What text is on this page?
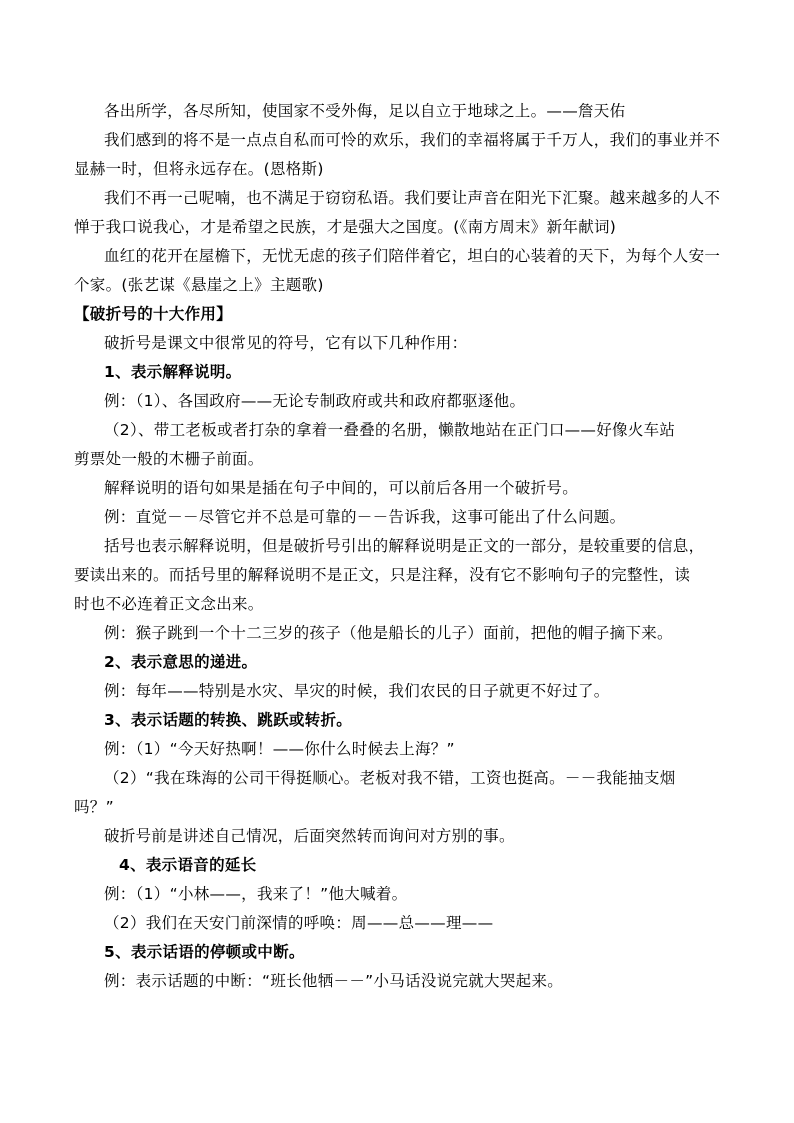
各出所学，各尽所知，使国家不受外侮，足以自立于地球之上。——詹天佑
我们感到的将不是一点点自私而可怜的欢乐，我们的幸福将属于千万人，我们的事业并不
显赫一时，但将永远存在。(恩格斯)
我们不再一己呢喃，也不满足于窃窃私语。我们要让声音在阳光下汇聚。越来越多的人不
惮于我口说我心，才是希望之民族，才是强大之国度。(《南方周末》新年献词)
血红的花开在屋檐下，无忧无虑的孩子们陪伴着它，坦白的心装着的天下，为每个人安一
个家。(张艺谋《悬崖之上》主题歌)
【破折号的十大作用】
破折号是课文中很常见的符号，它有以下几种作用：
1、表示解释说明。
例：（1）、各国政府——无论专制政府或共和政府都驱逐他。
（2）、带工老板或者打杂的拿着一叠叠的名册，懒散地站在正门口——好像火车站
剪票处一般的木栅子前面。
解释说明的语句如果是插在句子中间的，可以前后各用一个破折号。
例：直觉－－尽管它并不总是可靠的－－告诉我，这事可能出了什么问题。
括号也表示解释说明，但是破折号引出的解释说明是正文的一部分，是较重要的信息，
要读出来的。而括号里的解释说明不是正文，只是注释，没有它不影响句子的完整性，读
时也不必连着正文念出来。
例：猴子跳到一个十二三岁的孩子（他是船长的儿子）面前，把他的帽子摘下来。
2、表示意思的递进。
例：每年——特别是水灾、旱灾的时候，我们农民的日子就更不好过了。
3、表示话题的转换、跳跃或转折。
例：（1）“今天好热啊！——你什么时候去上海？”
（2）“我在珠海的公司干得挺顺心。老板对我不错，工资也挺高。－－我能抽支烟
吗？”
破折号前是讲述自己情况，后面突然转而询问对方别的事。
4、表示语音的延长
例：（1）“小林——，我来了！”他大喊着。
（2）我们在天安门前深情的呼唤：周——总——理——
5、表示话语的停顿或中断。
例：表示话题的中断：“班长他牺－－”小马话没说完就大哭起来。
